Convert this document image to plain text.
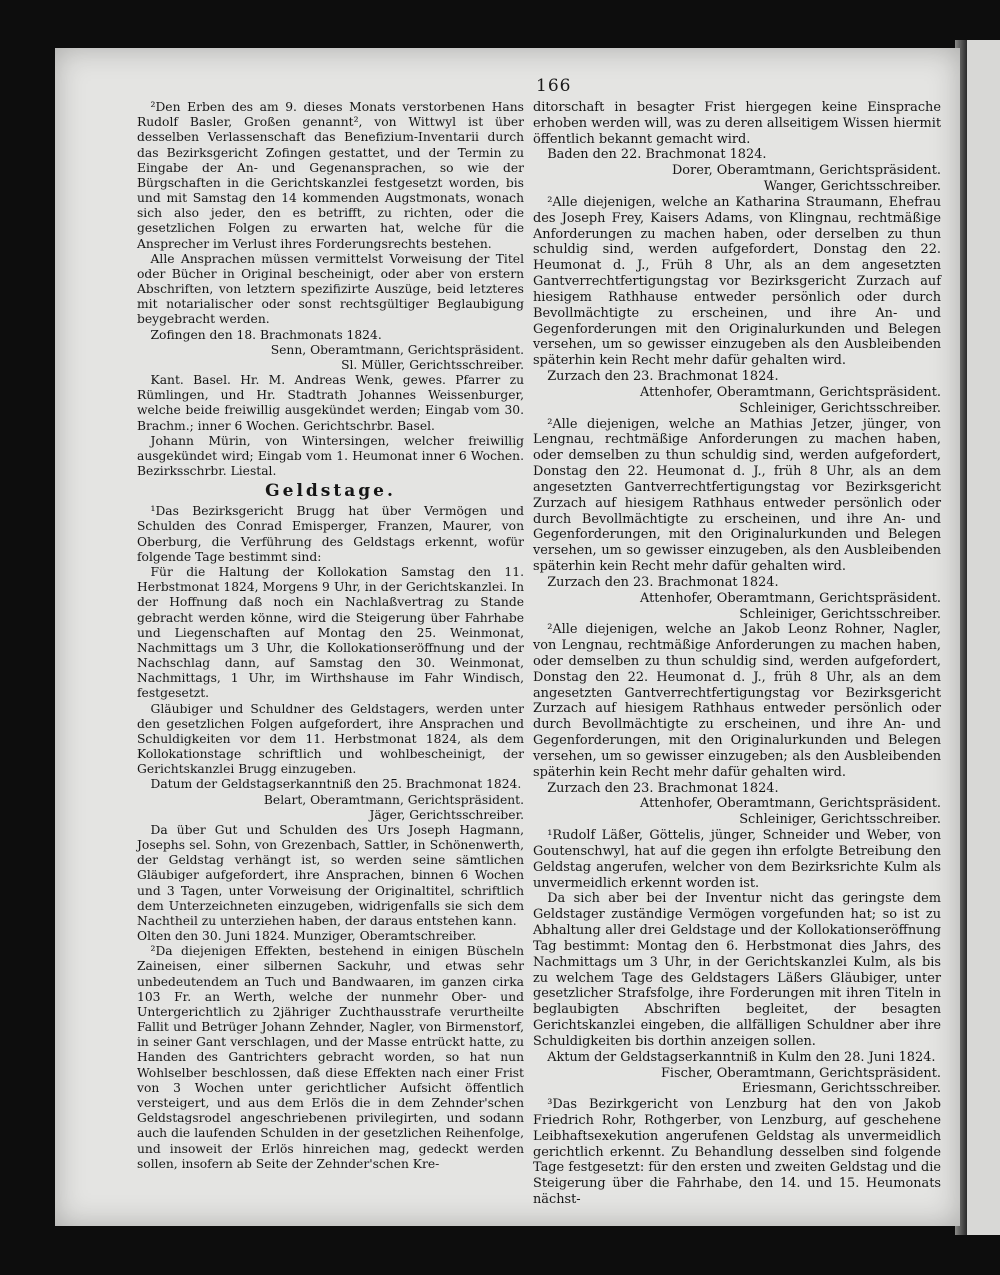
166

²Den Erben des am 9. dieses Monats verstorbenen Hans Rudolf Basler, Großen genannt², von Wittwyl ist über desselben Verlassenschaft das Benefizium-Inventarii durch das Bezirksgericht Zofingen gestattet, und der Termin zu Eingabe der An- und Gegenansprachen, so wie der Bürgschaften in die Gerichtskanzlei festgesetzt worden, bis und mit Samstag den 14 kommenden Augstmonats, wonach sich also jeder, den es betrifft, zu richten, oder die gesetzlichen Folgen zu erwarten hat, welche für die Ansprecher im Verlust ihres Forderungsrechts bestehen.

Alle Ansprachen müssen vermittelst Vorweisung der Titel oder Bücher in Original bescheinigt, oder aber von erstern Abschriften, von letztern spezifizirte Auszüge, beid letzteres mit notarialischer oder sonst rechtsgültiger Beglaubigung beygebracht werden.

Zofingen den 18. Brachmonats 1824.

Senn, Oberamtmann, Gerichtspräsident.

Sl. Müller, Gerichtsschreiber.

Kant. Basel. Hr. M. Andreas Wenk, gewes. Pfarrer zu Rümlingen, und Hr. Stadtrath Johannes Weissenburger, welche beide freiwillig ausgekündet werden; Eingab vom 30. Brachm.; inner 6 Wochen. Gerichtschrbr. Basel.

Johann Mürin, von Wintersingen, welcher freiwillig ausgekündet wird; Eingab vom 1. Heumonat inner 6 Wochen. Bezirksschrbr. Liestal.

Geldstage.

¹Das Bezirksgericht Brugg hat über Vermögen und Schulden des Conrad Emisperger, Franzen, Maurer, von Oberburg, die Verführung des Geldstags erkennt, wofür folgende Tage bestimmt sind:

Für die Haltung der Kollokation Samstag den 11. Herbstmonat 1824, Morgens 9 Uhr, in der Gerichtskanzlei. In der Hoffnung daß noch ein Nachlaßvertrag zu Stande gebracht werden könne, wird die Steigerung über Fahrhabe und Liegenschaften auf Montag den 25. Weinmonat, Nachmittags um 3 Uhr, die Kollokationseröffnung und der Nachschlag dann, auf Samstag den 30. Weinmonat, Nachmittags, 1 Uhr, im Wirthshause im Fahr Windisch, festgesetzt.

Gläubiger und Schuldner des Geldstagers, werden unter den gesetzlichen Folgen aufgefordert, ihre Ansprachen und Schuldigkeiten vor dem 11. Herbstmonat 1824, als dem Kollokationstage schriftlich und wohlbescheinigt, der Gerichtskanzlei Brugg einzugeben.

Datum der Geldstagserkanntniß den 25. Brachmonat 1824.

Belart, Oberamtmann, Gerichtspräsident.

Jäger, Gerichtsschreiber.

Da über Gut und Schulden des Urs Joseph Hagmann, Josephs sel. Sohn, von Grezenbach, Sattler, in Schönenwerth, der Geldstag verhängt ist, so werden seine sämtlichen Gläubiger aufgefordert, ihre Ansprachen, binnen 6 Wochen und 3 Tagen, unter Vorweisung der Originaltitel, schriftlich dem Unterzeichneten einzugeben, widrigenfalls sie sich dem Nachtheil zu unterziehen haben, der daraus entstehen kann.

Olten den 30. Juni 1824. Munziger, Oberamtschreiber.

²Da diejenigen Effekten, bestehend in einigen Büscheln Zaineisen, einer silbernen Sackuhr, und etwas sehr unbedeutendem an Tuch und Bandwaaren, im ganzen cirka 103 Fr. an Werth, welche der nunmehr Ober- und Untergerichtlich zu 2jähriger Zuchthausstrafe verurtheilte Fallit und Betrüger Johann Zehnder, Nagler, von Birmenstorf, in seiner Gant verschlagen, und der Masse entrückt hatte, zu Handen des Gantrichters gebracht worden, so hat nun Wohlselber beschlossen, daß diese Effekten nach einer Frist von 3 Wochen unter gerichtlicher Aufsicht öffentlich versteigert, und aus dem Erlös die in dem Zehnder'schen Geldstagsrodel angeschriebenen privilegirten, und sodann auch die laufenden Schulden in der gesetzlichen Reihenfolge, und insoweit der Erlös hinreichen mag, gedeckt werden sollen, insofern ab Seite der Zehnder'schen Kre-

ditorschaft in besagter Frist hiergegen keine Einsprache erhoben werden will, was zu deren allseitigem Wissen hiermit öffentlich bekannt gemacht wird.

Baden den 22. Brachmonat 1824.

Dorer, Oberamtmann, Gerichtspräsident.

Wanger, Gerichtsschreiber.

²Alle diejenigen, welche an Katharina Straumann, Ehefrau des Joseph Frey, Kaisers Adams, von Klingnau, rechtmäßige Anforderungen zu machen haben, oder derselben zu thun schuldig sind, werden aufgefordert, Donstag den 22. Heumonat d. J., Früh 8 Uhr, als an dem angesetzten Gantverrechtfertigungstag vor Bezirksgericht Zurzach auf hiesigem Rathhause entweder persönlich oder durch Bevollmächtigte zu erscheinen, und ihre An- und Gegenforderungen mit den Originalurkunden und Belegen versehen, um so gewisser einzugeben als den Ausbleibenden späterhin kein Recht mehr dafür gehalten wird.

Zurzach den 23. Brachmonat 1824.

Attenhofer, Oberamtmann, Gerichtspräsident.

Schleiniger, Gerichtsschreiber.

²Alle diejenigen, welche an Mathias Jetzer, jünger, von Lengnau, rechtmäßige Anforderungen zu machen haben, oder demselben zu thun schuldig sind, werden aufgefordert, Donstag den 22. Heumonat d. J., früh 8 Uhr, als an dem angesetzten Gantverrechtfertigungstag vor Bezirksgericht Zurzach auf hiesigem Rathhaus entweder persönlich oder durch Bevollmächtigte zu erscheinen, und ihre An- und Gegenforderungen, mit den Originalurkunden und Belegen versehen, um so gewisser einzugeben, als den Ausbleibenden späterhin kein Recht mehr dafür gehalten wird.

Zurzach den 23. Brachmonat 1824.

Attenhofer, Oberamtmann, Gerichtspräsident.

Schleiniger, Gerichtsschreiber.

²Alle diejenigen, welche an Jakob Leonz Rohner, Nagler, von Lengnau, rechtmäßige Anforderungen zu machen haben, oder demselben zu thun schuldig sind, werden aufgefordert, Donstag den 22. Heumonat d. J., früh 8 Uhr, als an dem angesetzten Gantverrechtfertigungstag vor Bezirksgericht Zurzach auf hiesigem Rathhaus entweder persönlich oder durch Bevollmächtigte zu erscheinen, und ihre An- und Gegenforderungen, mit den Originalurkunden und Belegen versehen, um so gewisser einzugeben; als den Ausbleibenden späterhin kein Recht mehr dafür gehalten wird.

Zurzach den 23. Brachmonat 1824.

Attenhofer, Oberamtmann, Gerichtspräsident.

Schleiniger, Gerichtsschreiber.

¹Rudolf Läßer, Göttelis, jünger, Schneider und Weber, von Goutenschwyl, hat auf die gegen ihn erfolgte Betreibung den Geldstag angerufen, welcher von dem Bezirksrichte Kulm als unvermeidlich erkennt worden ist.

Da sich aber bei der Inventur nicht das geringste dem Geldstager zuständige Vermögen vorgefunden hat; so ist zu Abhaltung aller drei Geldstage und der Kollokationseröffnung Tag bestimmt: Montag den 6. Herbstmonat dies Jahrs, des Nachmittags um 3 Uhr, in der Gerichtskanzlei Kulm, als bis zu welchem Tage des Geldstagers Läßers Gläubiger, unter gesetzlicher Strafsfolge, ihre Forderungen mit ihren Titeln in beglaubigten Abschriften begleitet, der besagten Gerichtskanzlei eingeben, die allfälligen Schuldner aber ihre Schuldigkeiten bis dorthin anzeigen sollen.

Aktum der Geldstagserkanntniß in Kulm den 28. Juni 1824.

Fischer, Oberamtmann, Gerichtspräsident.

Eriesmann, Gerichtsschreiber.

³Das Bezirkgericht von Lenzburg hat den von Jakob Friedrich Rohr, Rothgerber, von Lenzburg, auf geschehene Leibhaftsexekution angerufenen Geldstag als unvermeidlich gerichtlich erkennt. Zu Behandlung desselben sind folgende Tage festgesetzt: für den ersten und zweiten Geldstag und die Steigerung über die Fahrhabe, den 14. und 15. Heumonats nächst-
